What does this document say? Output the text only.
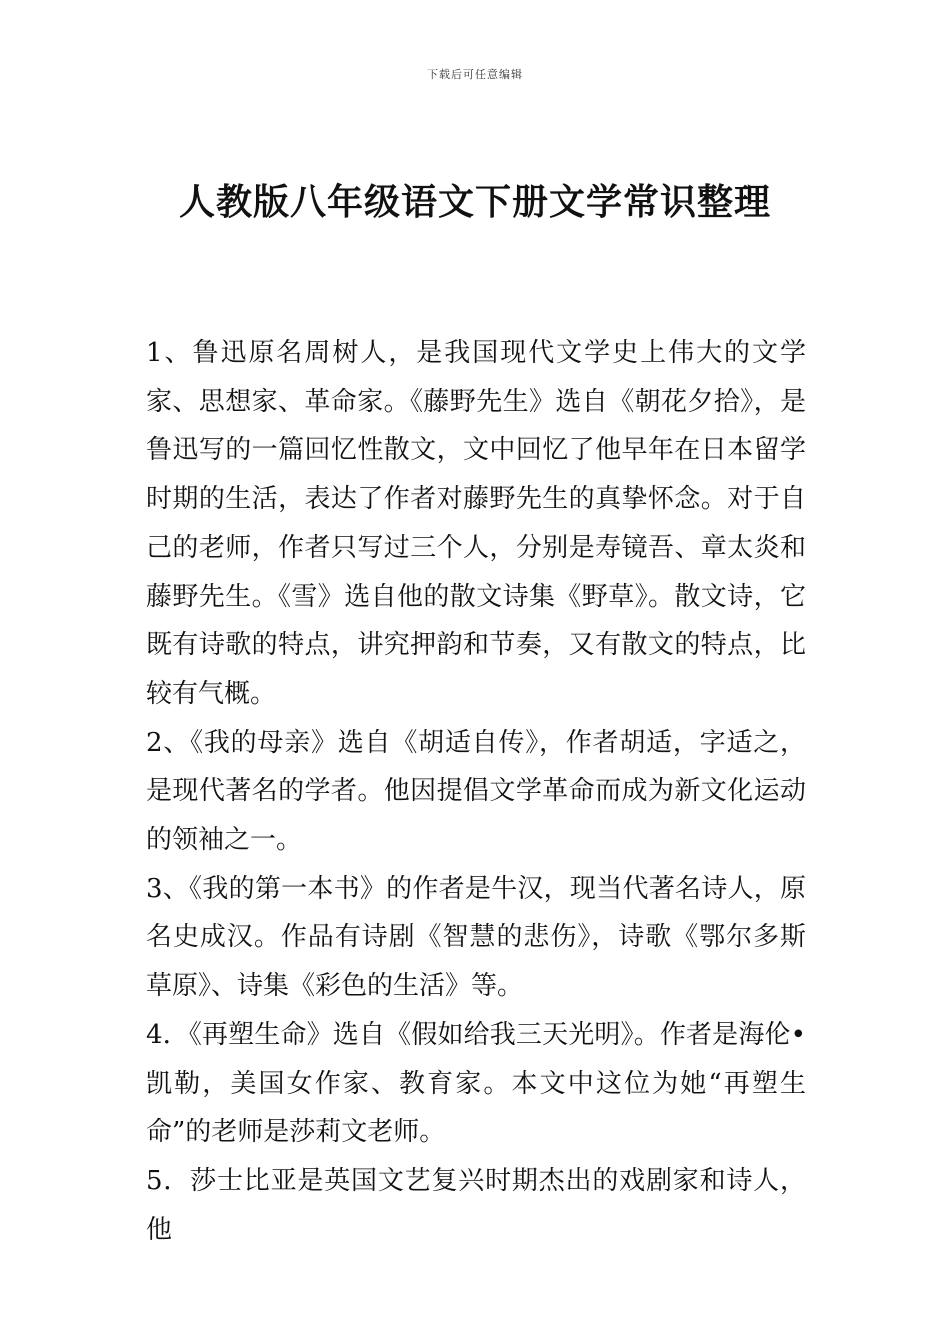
下载后可任意编辑
人教版八年级语文下册文学常识整理

1、鲁迅原名周树人，是我国现代文学史上伟大的文学家、思想家、革命家。《藤野先生》选自《朝花夕拾》，是鲁迅写的一篇回忆性散文，文中回忆了他早年在日本留学时期的生活，表达了作者对藤野先生的真挚怀念。对于自己的老师，作者只写过三个人，分别是寿镜吾、章太炎和藤野先生。《雪》选自他的散文诗集《野草》。散文诗，它既有诗歌的特点，讲究押韵和节奏，又有散文的特点，比较有气概。

2、《我的母亲》选自《胡适自传》，作者胡适，字适之，是现代著名的学者。他因提倡文学革命而成为新文化运动的领袖之一。

3、《我的第一本书》的作者是牛汉，现当代著名诗人，原名史成汉。作品有诗剧《智慧的悲伤》，诗歌《鄂尔多斯草原》、诗集《彩色的生活》等。

4．《再塑生命》选自《假如给我三天光明》。作者是海伦•凯勒，美国女作家、教育家。本文中这位为她“再塑生命”的老师是莎莉文老师。

5．莎士比亚是英国文艺复兴时期杰出的戏剧家和诗人，他
